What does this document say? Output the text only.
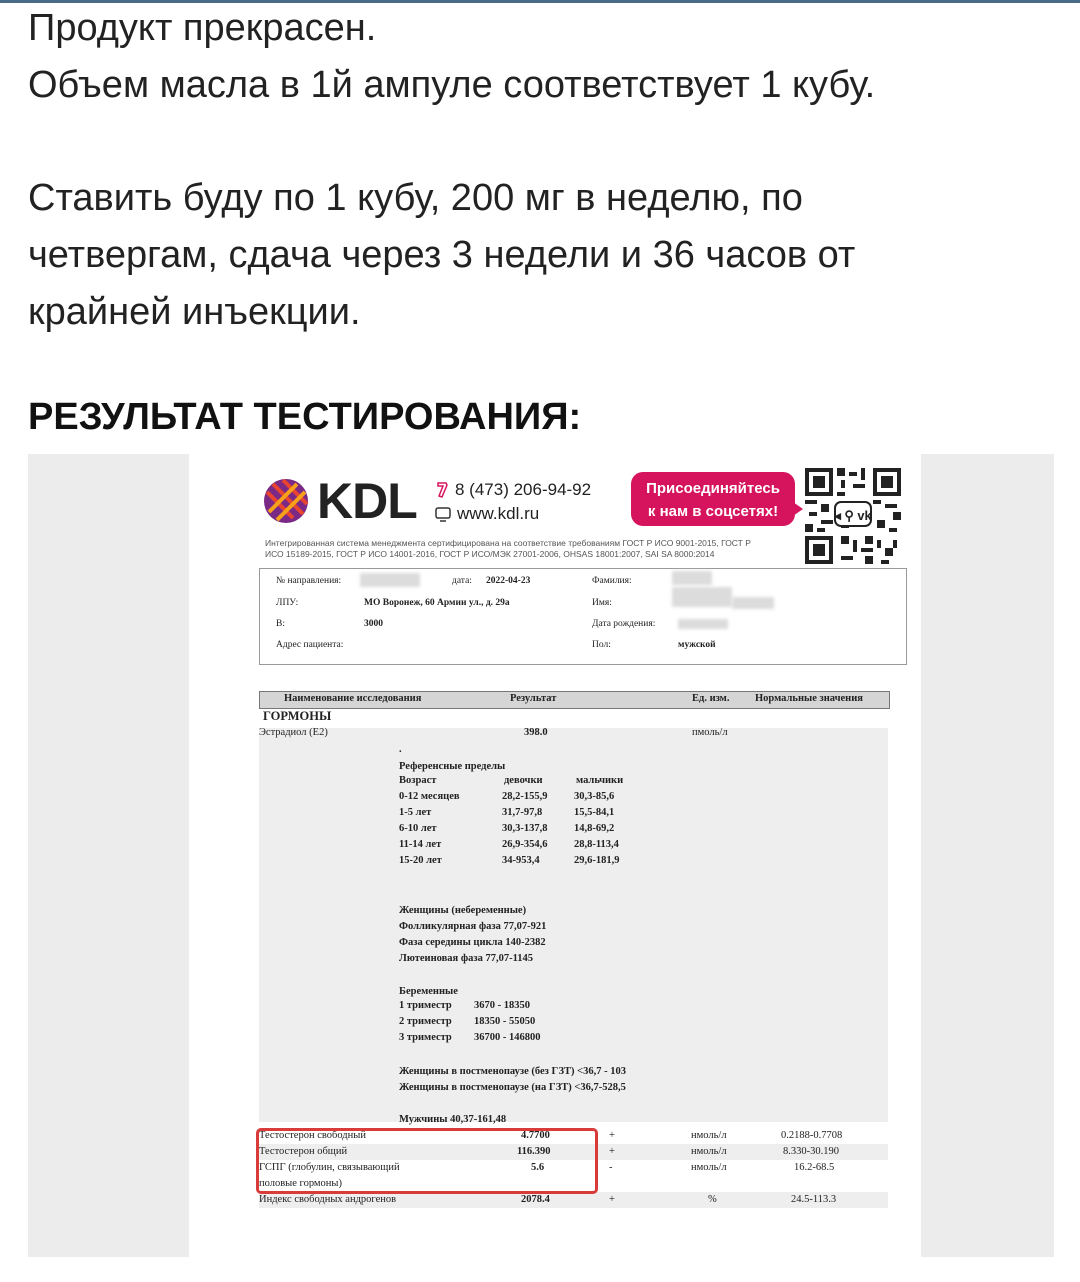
Продукт прекрасен.

Объем масла в 1й ампуле соответствует 1 кубу.

Ставить буду по 1 кубу, 200 мг в неделю, по

четвергам, сдача через 3 недели и 36 часов от

крайней инъекции.

РЕЗУЛЬТАТ ТЕСТИРОВАНИЯ:
KDL 8 (473) 206-94-92
www.kdl.ru
Присоединяйтесь
к нам в соцсетях!	◂ ⚲ vk
Интегрированная система менеджмента сертифицирована на соответствие требованиям ГОСТ Р ИСО 9001-2015, ГОСТ Р
ИСО 15189-2015, ГОСТ Р ИСО 14001-2016, ГОСТ Р ИСО/МЭК 27001-2006, OHSAS 18001:2007, SAI SA 8000:2014
№ направления:	дата: 2022-04-23	Фамилия:
ЛПУ:	МО Воронеж, 60 Армии ул., д. 29а	Имя:
В:	3000	Дата рождения:
Адрес пациента:	Пол:	мужской
Наименование исследования	Результат	Ед. изм. Нормальные значения
ГОРМОНЫ
Эстрадиол (E2)	398.0	пмоль/л
.
Референсные пределы
Возраст	девочки	мальчики
0-12 месяцев	28,2-155,9	30,3-85,6
1-5 лет	31,7-97,8	15,5-84,1
6-10 лет	30,3-137,8	14,8-69,2
11-14 лет	26,9-354,6	28,8-113,4
15-20 лет	34-953,4	29,6-181,9
Женщины (небеременные)
Фолликулярная фаза 77,07-921
Фаза середины цикла 140-2382
Лютеиновая фаза 77,07-1145
Беременные
1 триместр 3670 - 18350
2 триместр 18350 - 55050
3 триместр 36700 - 146800
Женщины в постменопаузе (без ГЗТ) <36,7 - 103
Женщины в постменопаузе (на ГЗТ) <36,7-528,5
Мужчины 40,37-161,48
Тестостерон свободный	4.7700	+	нмоль/л	0.2188-0.7708
Тестостерон общий	116.390	+	нмоль/л	8.330-30.190
ГСПГ (глобулин, связывающий
половые гормоны)
5.6	-	нмоль/л	16.2-68.5
Индекс свободных андрогенов	2078.4	+	%	24.5-113.3
